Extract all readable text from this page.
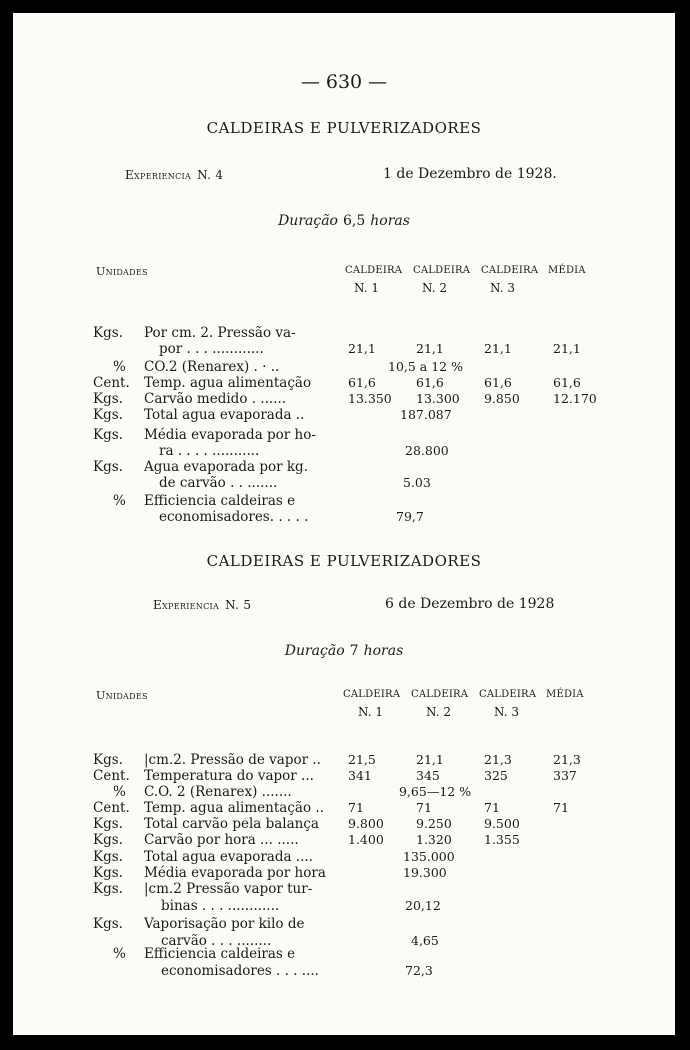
— 630 —
CALDEIRAS E PULVERIZADORES
Experiencia N. 4	1 de Dezembro de 1928.
Duração 6,5 horas
Unidades	CALDEIRA CALDEIRA CALDEIRA MÉDIA
N. 1	N. 2	N. 3
Kgs. Por cm. 2. Pressão va-
por . . . ............	21,1	21,1	21,1	21,1
% CO.2 (Renarex) . · ..	10,5 a 12 %
Cent. Temp. agua alimentação	61,6	61,6	61,6	61,6
Kgs. Carvão medido . ......	13.350 13.300 9.850	12.170
Kgs. Total agua evaporada ..	187.087
Kgs. Média evaporada por ho-
ra . . . . ...........	28.800
Kgs. Agua evaporada por kg.
de carvão . . .......	5.03
% Efficiencia caldeiras e
economisadores. . . . .	79,7
CALDEIRAS E PULVERIZADORES
Experiencia N. 5	6 de Dezembro de 1928
Duração 7 horas
Unidades	CALDEIRA CALDEIRA CALDEIRA MÉDIA
N. 1	N. 2	N. 3
Kgs. |cm.2. Pressão de vapor .. 21,5	21,1	21,3	21,3
Cent. Temperatura do vapor ...	341	345	325	337
% C.O. 2 (Renarex) .......	9,65—12 %
Cent. Temp. agua alimentação .. 71	71	71	71
Kgs. Total carvão pela balança 9.800	9.250	9.500
Kgs. Carvão por hora ... .....	1.400	1.320	1.355
Kgs. Total agua evaporada ....	135.000
Kgs. Média evaporada por hora	19.300
Kgs. |cm.2 Pressão vapor tur-
binas . . . ............	20,12
Kgs. Vaporisação por kilo de
carvão . . . ........	4,65
% Efficiencia caldeiras e
economisadores . . . ....	72,3
